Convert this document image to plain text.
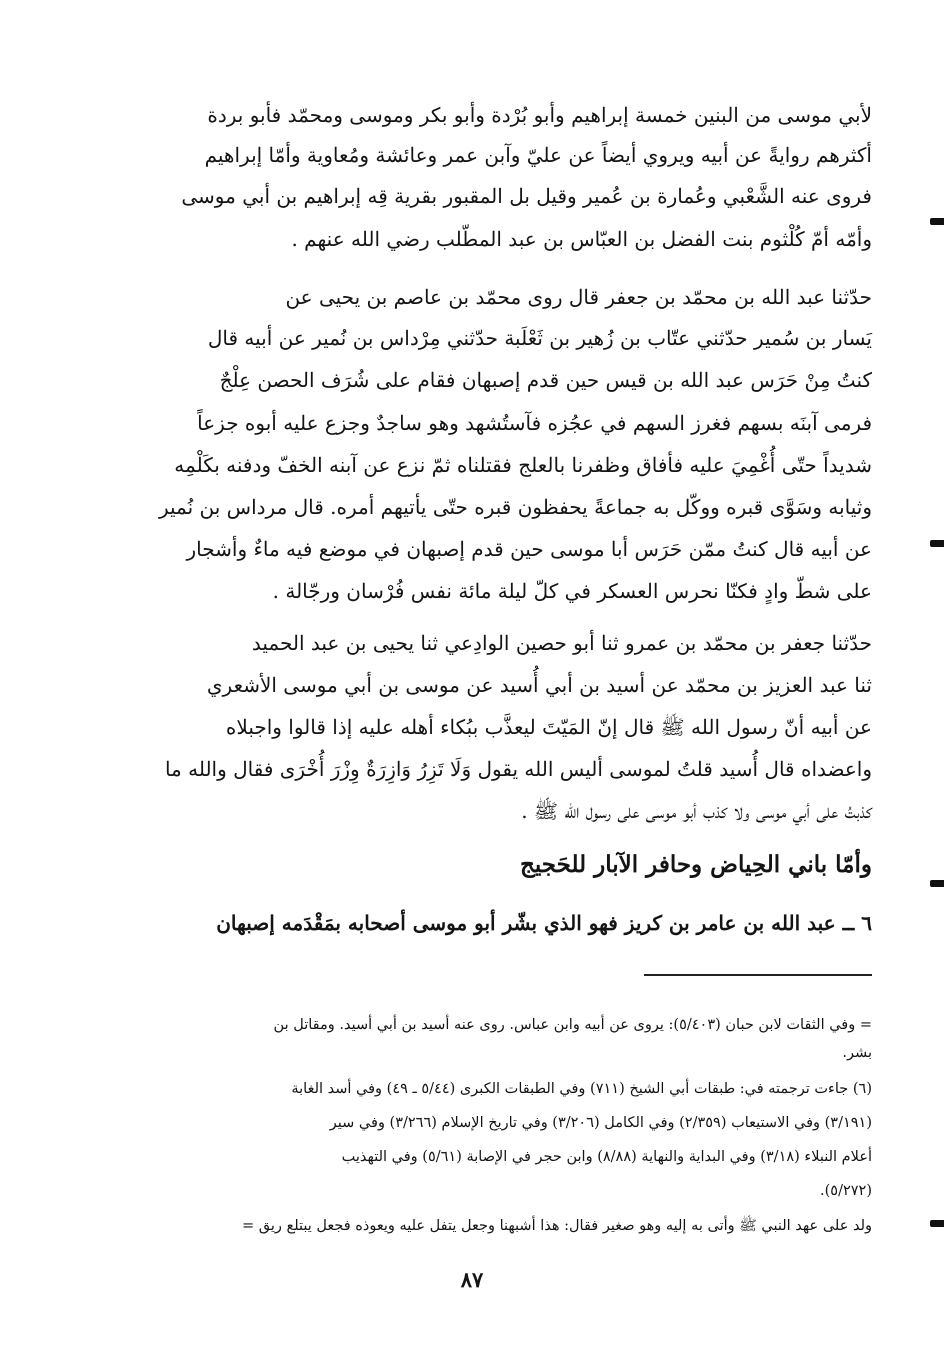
لأبي موسى من البنين خمسة إبراهيم وأبو بُرْدة وأبو بكر وموسى ومحمّد فأبو بردة
أكثرهم روايةً عن أبيه ويروي أيضاً عن عليّ وآبن عمر وعائشة ومُعاوية وأمّا إبراهيم
فروى عنه الشَّعْبي وعُمارة بن عُمير وقيل بل المقبور بقرية قِه إبراهيم بن أبي موسى
وأمّه أمّ كُلْثوم بنت الفضل بن العبّاس بن عبد المطّلب رضي الله عنهم .
حدّثنا عبد الله بن محمّد بن جعفر قال روى محمّد بن عاصم بن يحيى عن
يَسار بن سُمير حدّثني عتّاب بن زُهير بن ثَعْلَبة حدّثني مِرْداس بن نُمير عن أبيه قال
كنتُ مِنْ حَرَس عبد الله بن قيس حين قدم إصبهان فقام على شُرَف الحصن عِلْجٌ
فرمى آبنَه بسهم فغرز السهم في عجُزه فآستُشهد وهو ساجدٌ وجزع عليه أبوه جزعاً
شديداً حتّى أُغْمِيَ عليه فأفاق وظفرنا بالعلج فقتلناه ثمّ نزع عن آبنه الخفّ ودفنه بكَلْمِه
وثيابه وسَوَّى قبره ووكّل به جماعةً يحفظون قبره حتّى يأتيهم أمره. قال مرداس بن نُمير
عن أبيه قال كنتُ ممّن حَرَس أبا موسى حين قدم إصبهان في موضع فيه ماءٌ وأشجار
على شطّ وادٍ فكنّا نحرس العسكر في كلّ ليلة مائة نفس فُرْسان ورجّالة .
حدّثنا جعفر بن محمّد بن عمرو ثنا أبو حصين الوادِعي ثنا يحيى بن عبد الحميد
ثنا عبد العزيز بن محمّد عن أسيد بن أبي أُسيد عن موسى بن أبي موسى الأشعري
عن أبيه أنّ رسول الله ﷺ قال إنّ المَيّتَ ليعذَّب ببُكاء أهله عليه إذا قالوا واجبلاه
واعضداه قال أُسيد قلتُ لموسى أليس الله يقول وَلَا تَزِرُ وَازِرَةٌ وِزْرَ أُخْرَى فقال والله ما
كذبتُ على أبي موسى ولا كذب أبو موسى على رسول الله ﷺ .
وأمّا باني الحِياض وحافر الآبار للحَجيج
٦ ــ عبد الله بن عامر بن كريز فهو الذي بشّر أبو موسى أصحابه بمَقْدَمه إصبهان
= وفي الثقات لابن حبان (٥/٤٠٣): يروى عن أبيه وابن عباس. روى عنه أسيد بن أبي أسيد. ومقاتل بن
بشر.
(٦) جاءت ترجمته في: طبقات أبي الشيخ (٧١١) وفي الطبقات الكبرى (٥/٤٤ ـ ٤٩) وفي أسد الغابة
(٣/١٩١) وفي الاستيعاب (٢/٣٥٩) وفي الكامل (٣/٢٠٦) وفي تاريخ الإسلام (٣/٢٦٦) وفي سير
أعلام النبلاء (٣/١٨) وفي البداية والنهاية (٨/٨٨) وابن حجر في الإصابة (٥/٦١) وفي التهذيب
(٥/٢٧٢).
ولد على عهد النبي ﷺ وأتى به إليه وهو صغير فقال: هذا أشبهنا وجعل يتفل عليه ويعوذه فجعل يبتلع ريق =
٨٧
